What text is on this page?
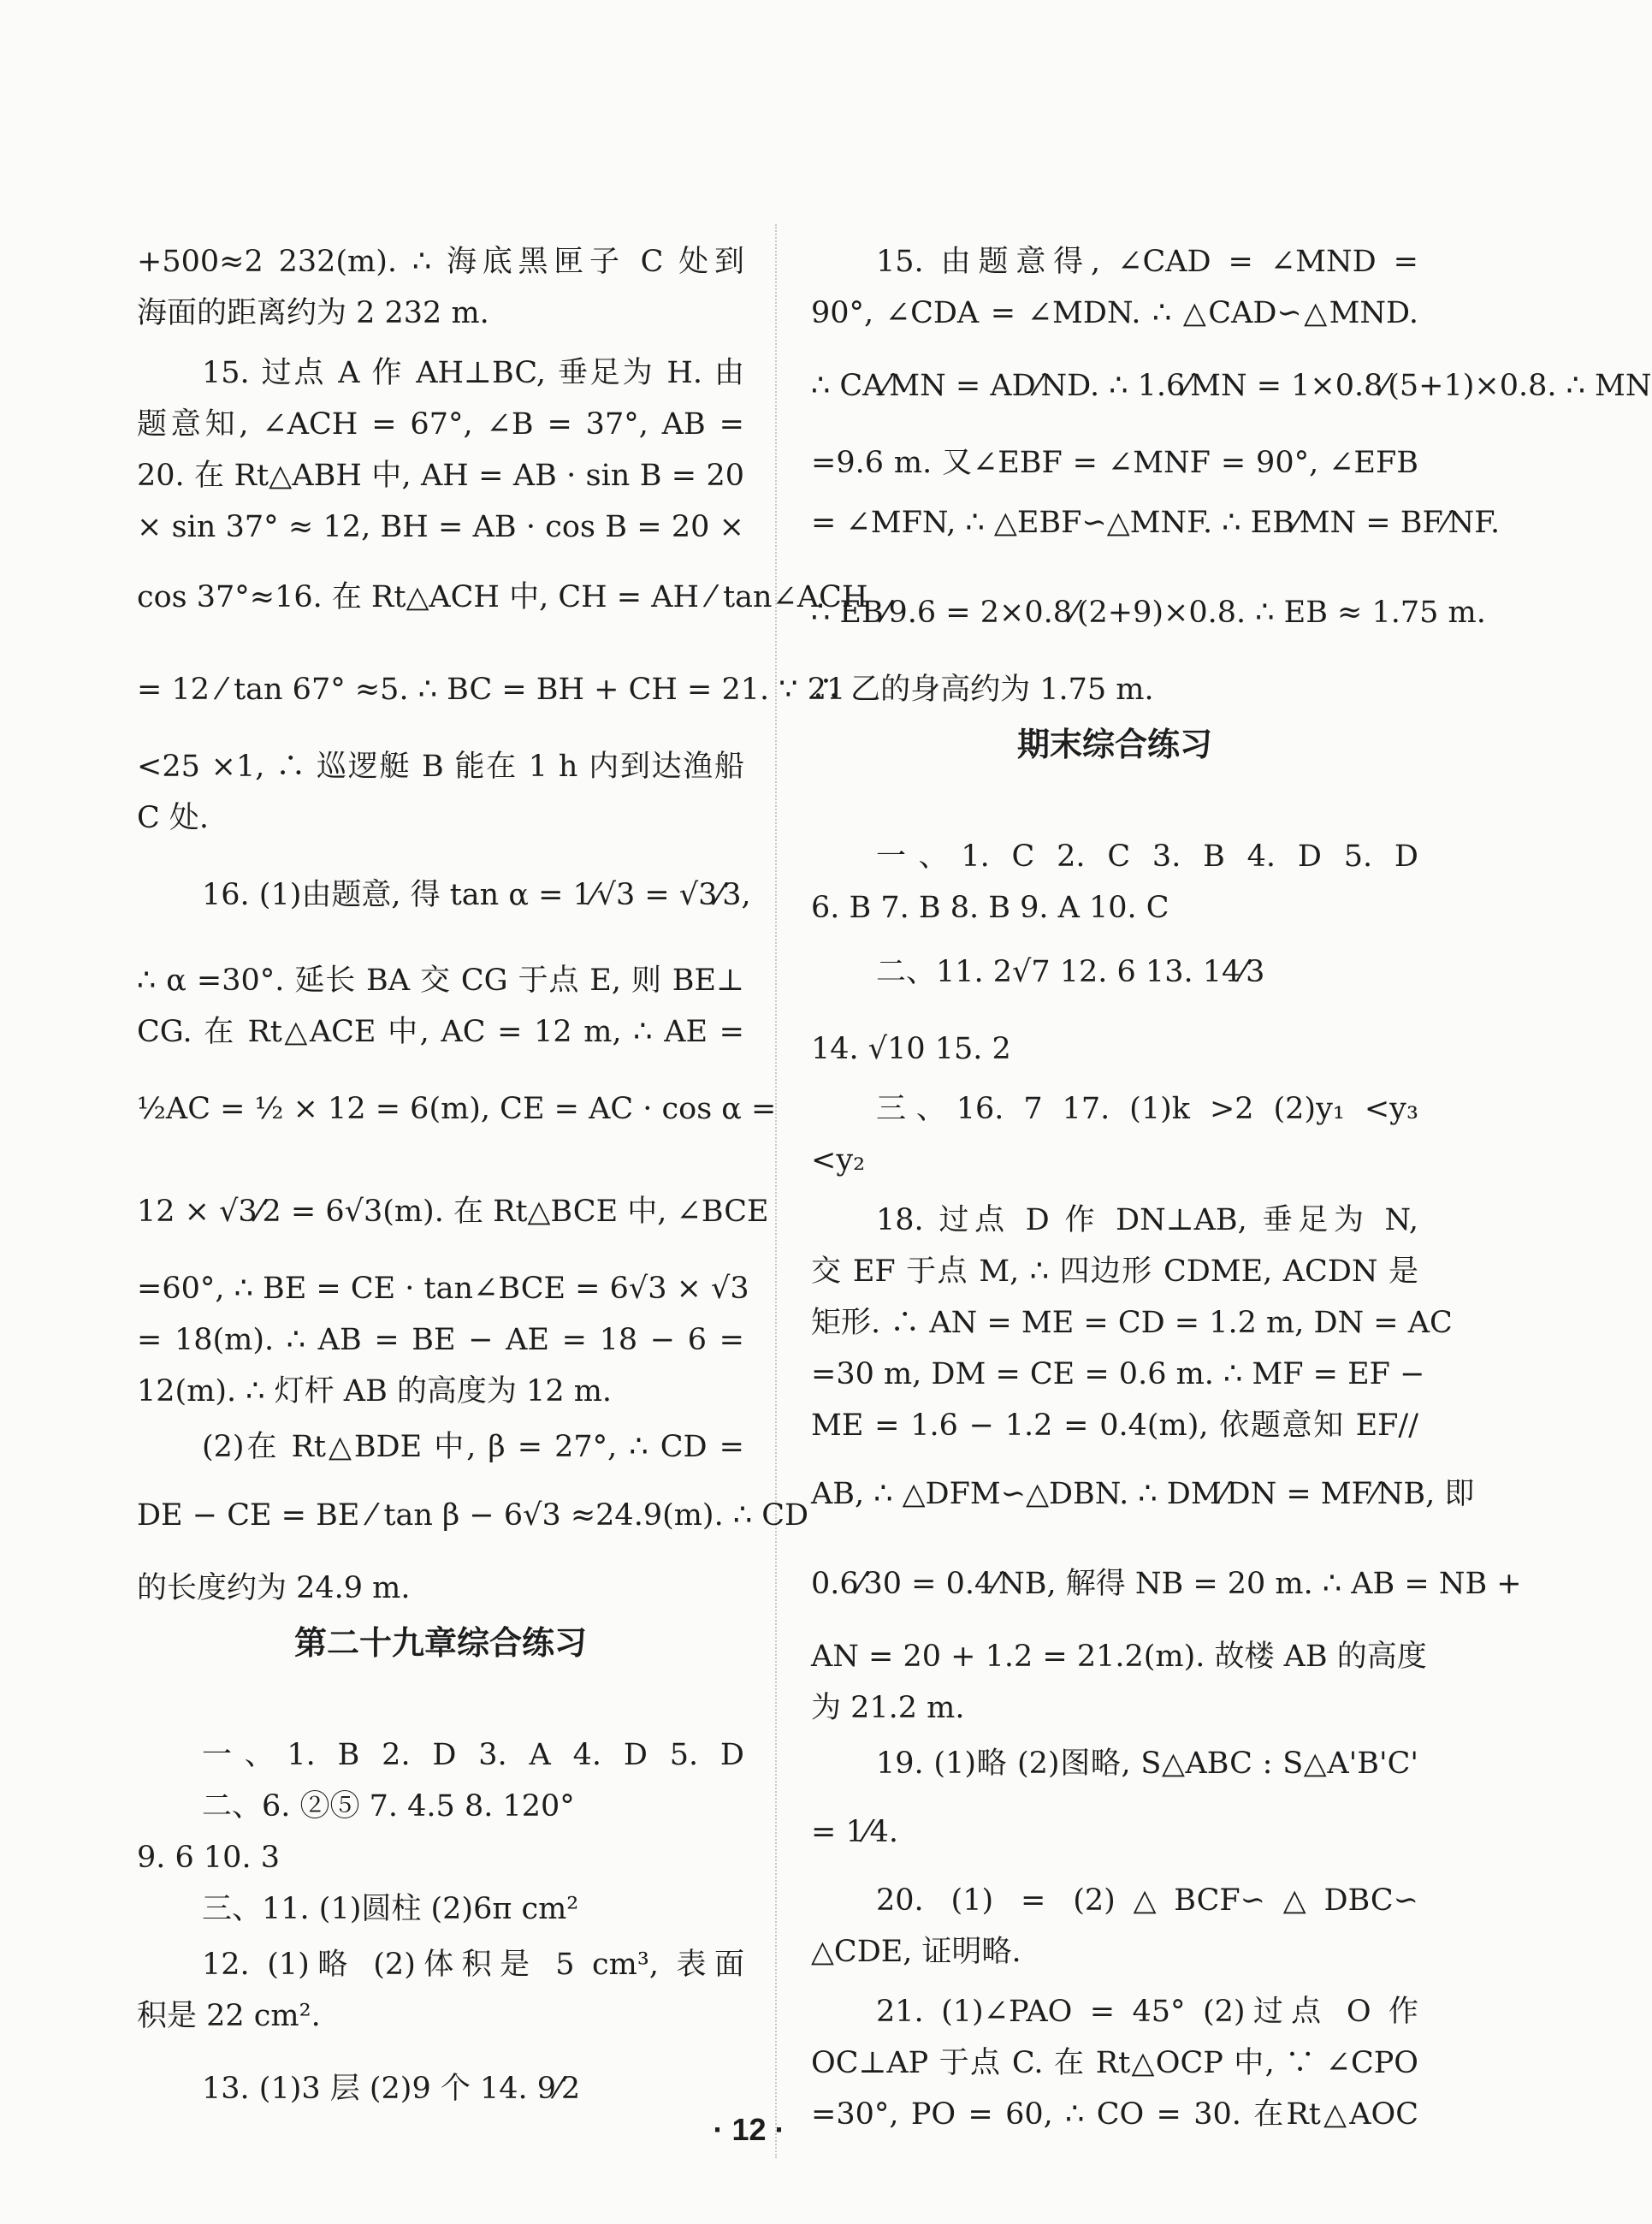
+500≈2 232(m). ∴ 海底黑匣子 C 处到
海面的距离约为 2 232 m.
15. 过点 A 作 AH⊥BC, 垂足为 H. 由
题意知, ∠ACH = 67°, ∠B = 37°, AB =
20. 在 Rt△ABH 中, AH = AB · sin B = 20
× sin 37° ≈ 12, BH = AB · cos B = 20 ×
cos 37°≈16. 在 Rt△ACH 中, CH = AH ⁄ tan∠ACH
= 12 ⁄ tan 67° ≈5. ∴ BC = BH + CH = 21. ∵ 21
<25 ×1, ∴ 巡逻艇 B 能在 1 h 内到达渔船
C 处.
16. (1)由题意, 得 tan α = 1⁄√3 = √3⁄3,
∴ α =30°. 延长 BA 交 CG 于点 E, 则 BE⊥
CG. 在 Rt△ACE 中, AC = 12 m, ∴ AE =
½AC = ½ × 12 = 6(m), CE = AC · cos α =
12 × √3⁄2 = 6√3(m). 在 Rt△BCE 中, ∠BCE
=60°, ∴ BE = CE · tan∠BCE = 6√3 × √3
= 18(m). ∴ AB = BE − AE = 18 − 6 =
12(m). ∴ 灯杆 AB 的高度为 12 m.
(2)在 Rt△BDE 中, β = 27°, ∴ CD =
DE − CE = BE ⁄ tan β − 6√3 ≈24.9(m). ∴ CD
的长度约为 24.9 m.
第二十九章综合练习
一、1. B 2. D 3. A 4. D 5. D
二、6. ②⑤ 7. 4.5 8. 120°
9. 6 10. 3
三、11. (1)圆柱 (2)6π cm²
12. (1)略 (2)体积是 5 cm³, 表面
积是 22 cm².
13. (1)3 层 (2)9 个 14. 9⁄2
15. 由题意得, ∠CAD = ∠MND =
90°, ∠CDA = ∠MDN. ∴ △CAD∽△MND.
∴ CA⁄MN = AD⁄ND. ∴ 1.6⁄MN = 1×0.8⁄(5+1)×0.8. ∴ MN
=9.6 m. 又∠EBF = ∠MNF = 90°, ∠EFB
= ∠MFN, ∴ △EBF∽△MNF. ∴ EB⁄MN = BF⁄NF.
∴ EB⁄9.6 = 2×0.8⁄(2+9)×0.8. ∴ EB ≈ 1.75 m.
∴ 乙的身高约为 1.75 m.
期末综合练习
一、1. C 2. C 3. B 4. D 5. D
6. B 7. B 8. B 9. A 10. C
二、11. 2√7 12. 6 13. 14⁄3
14. √10 15. 2
三、16. 7 17. (1)k >2 (2)y₁ <y₃
<y₂
18. 过点 D 作 DN⊥AB, 垂足为 N,
交 EF 于点 M, ∴ 四边形 CDME, ACDN 是
矩形. ∴ AN = ME = CD = 1.2 m, DN = AC
=30 m, DM = CE = 0.6 m. ∴ MF = EF −
ME = 1.6 − 1.2 = 0.4(m), 依题意知 EF//
AB, ∴ △DFM∽△DBN. ∴ DM⁄DN = MF⁄NB, 即
0.6⁄30 = 0.4⁄NB, 解得 NB = 20 m. ∴ AB = NB +
AN = 20 + 1.2 = 21.2(m). 故楼 AB 的高度
为 21.2 m.
19. (1)略 (2)图略, S△ABC : S△A'B'C'
= 1⁄4.
20. (1) = (2)△BCF∽△DBC∽
△CDE, 证明略.
21. (1)∠PAO = 45° (2)过点 O 作
OC⊥AP 于点 C. 在 Rt△OCP 中, ∵ ∠CPO
=30°, PO = 60, ∴ CO = 30. 在Rt△AOC
· 12 ·
